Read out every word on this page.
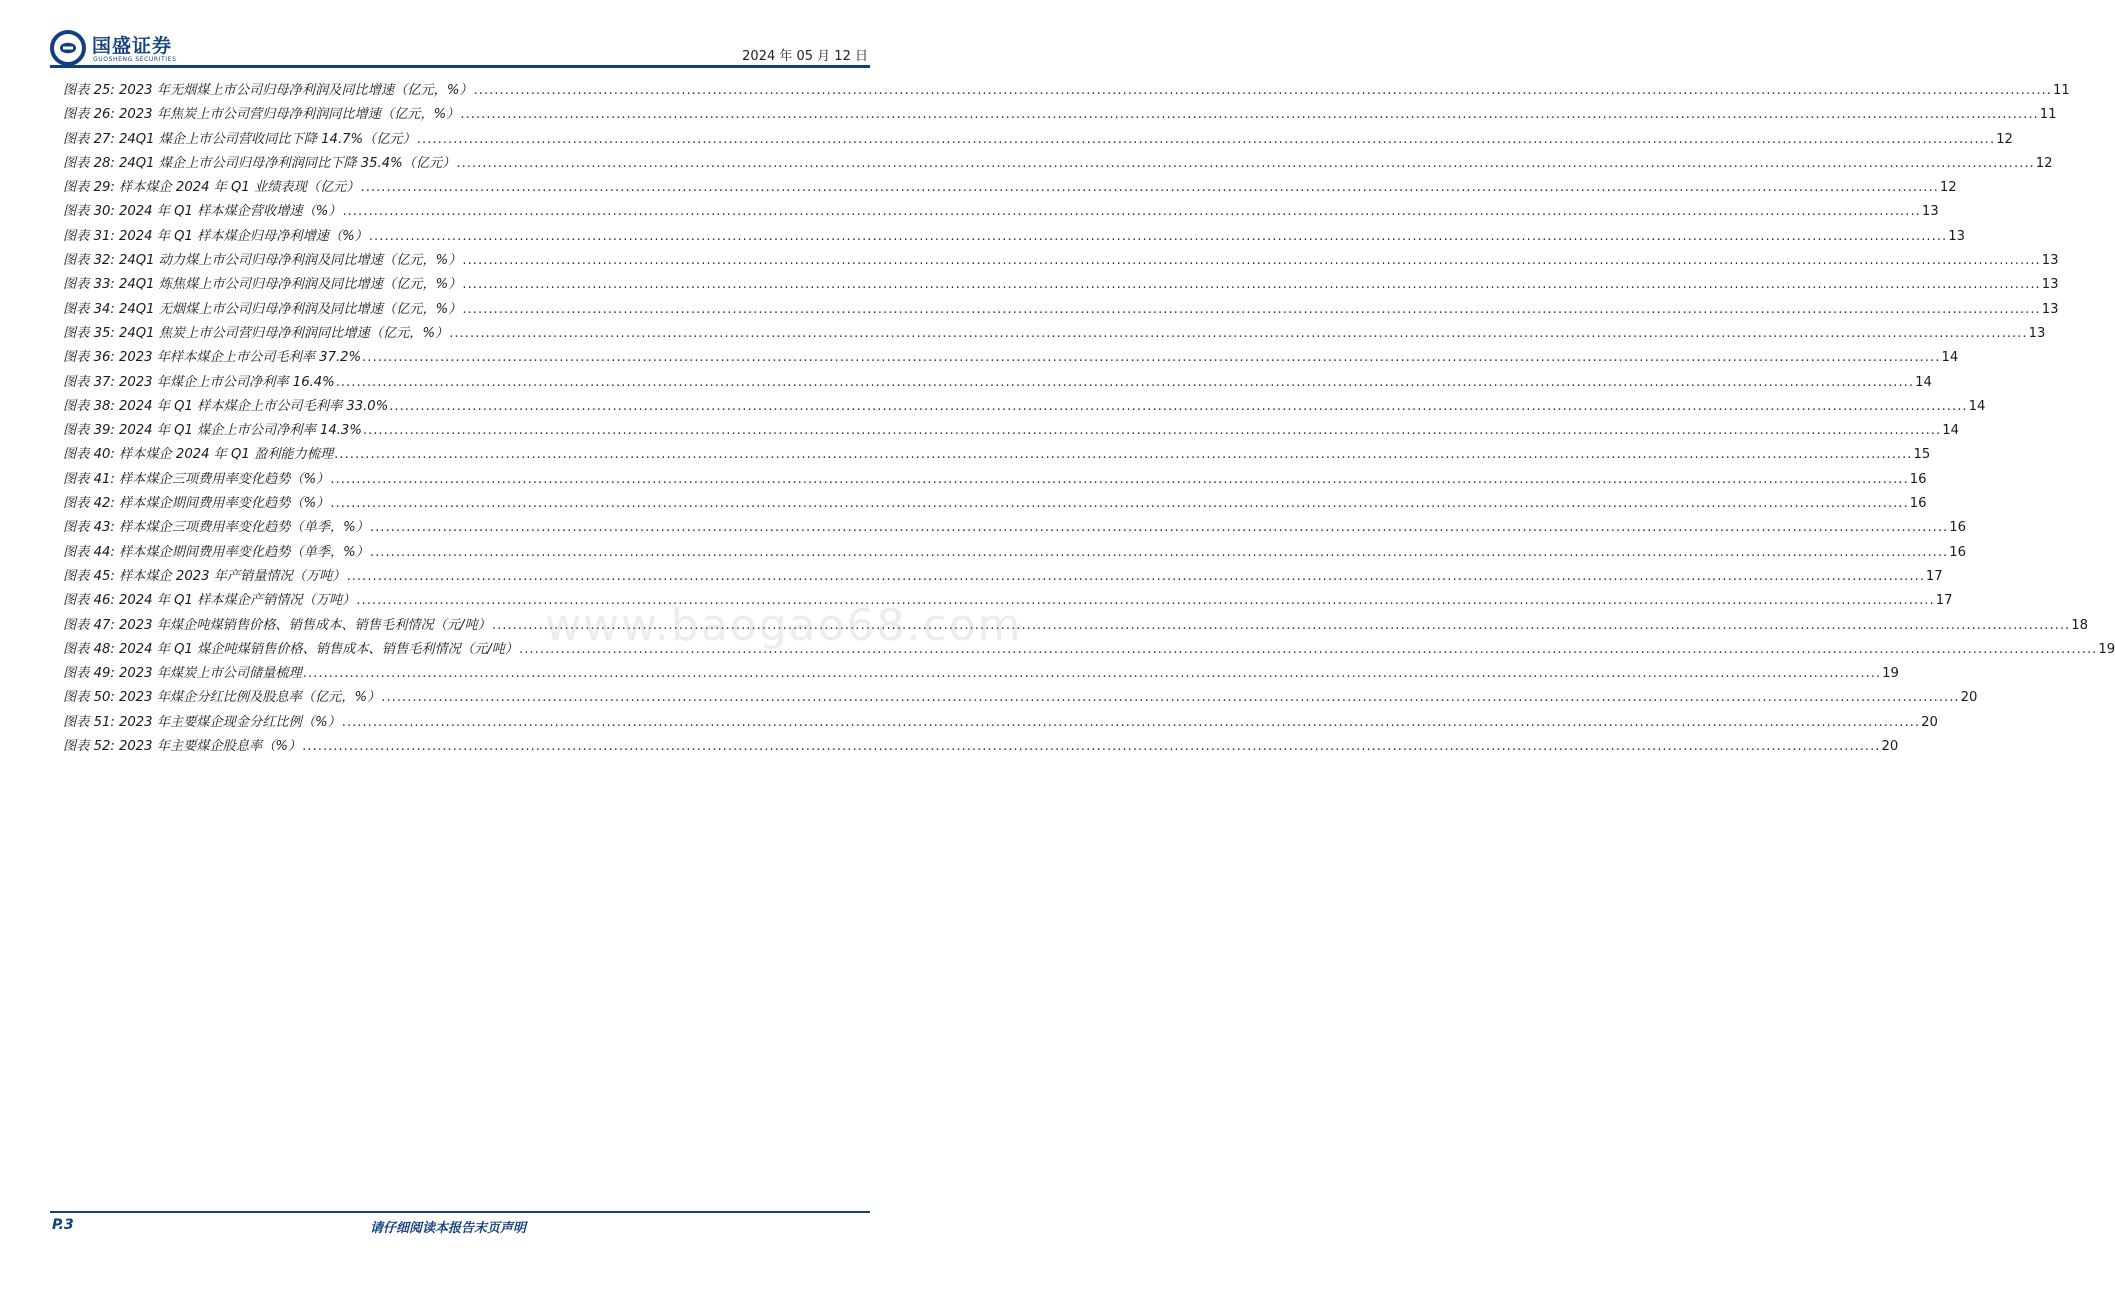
国盛证券
GUOSHENG SECURITIES	2024 年 05 月 12 日
图表 25: 2023 年无烟煤上市公司归母净利润及同比增速（亿元，%） .....	11
图表 26: 2023 年焦炭上市公司营归母净利润同比增速（亿元，%） .....	11
图表 27: 24Q1 煤企上市公司营收同比下降 14.7%（亿元） .....	12
图表 28: 24Q1 煤企上市公司归母净利润同比下降 35.4%（亿元） .....	12
图表 29: 样本煤企 2024 年 Q1 业绩表现（亿元） .....	12
图表 30: 2024 年 Q1 样本煤企营收增速（%） .....	13
图表 31: 2024 年 Q1 样本煤企归母净利增速（%） .....	13
图表 32: 24Q1 动力煤上市公司归母净利润及同比增速（亿元，%） .....	13
图表 33: 24Q1 炼焦煤上市公司归母净利润及同比增速（亿元，%） .....	13
图表 34: 24Q1 无烟煤上市公司归母净利润及同比增速（亿元，%） .....	13
图表 35: 24Q1 焦炭上市公司营归母净利润同比增速（亿元，%） .....	13
图表 36: 2023 年样本煤企上市公司毛利率 37.2% .....	14
图表 37: 2023 年煤企上市公司净利率 16.4% .....	14
图表 38: 2024 年 Q1 样本煤企上市公司毛利率 33.0% .....	14
图表 39: 2024 年 Q1 煤企上市公司净利率 14.3% .....	14
图表 40: 样本煤企 2024 年 Q1 盈利能力梳理 .....	15
图表 41: 样本煤企三项费用率变化趋势（%） .....	16
图表 42: 样本煤企期间费用率变化趋势（%） .....	16
图表 43: 样本煤企三项费用率变化趋势（单季，%） .....	16
图表 44: 样本煤企期间费用率变化趋势（单季，%） .....	16
图表 45: 样本煤企 2023 年产销量情况（万吨） .....	17
图表 46: 2024 年 Q1 样本煤企产销情况（万吨） .....	17
图表 47: 2023 年煤企吨煤销售价格、销售成本、销售毛利情况（元/吨） .....	18
图表 48: 2024 年 Q1 煤企吨煤销售价格、销售成本、销售毛利情况（元/吨） .....	19
图表 49: 2023 年煤炭上市公司储量梳理 .....	19
图表 50: 2023 年煤企分红比例及股息率（亿元，%） .....	20
图表 51: 2023 年主要煤企现金分红比例（%） .....	20
图表 52: 2023 年主要煤企股息率（%） .....	20
www.baogao68.com
P.3	请仔细阅读本报告末页声明
